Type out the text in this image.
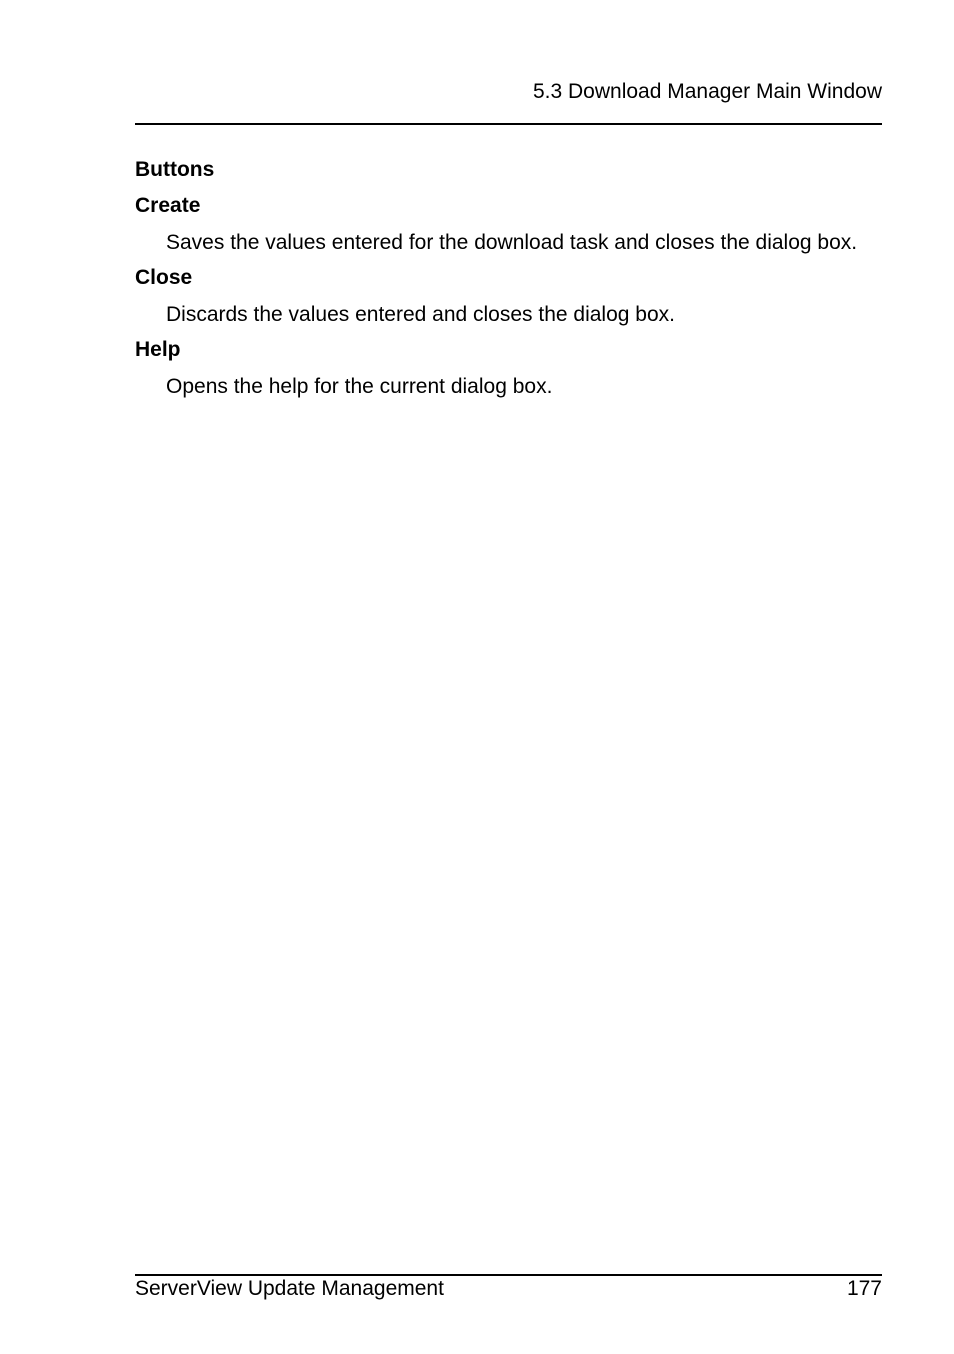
5.3 Download Manager Main Window
Buttons
Create
Saves the values entered for the download task and closes the dialog box.
Close
Discards the values entered and closes the dialog box.
Help
Opens the help for the current dialog box.
ServerView Update Management	177
